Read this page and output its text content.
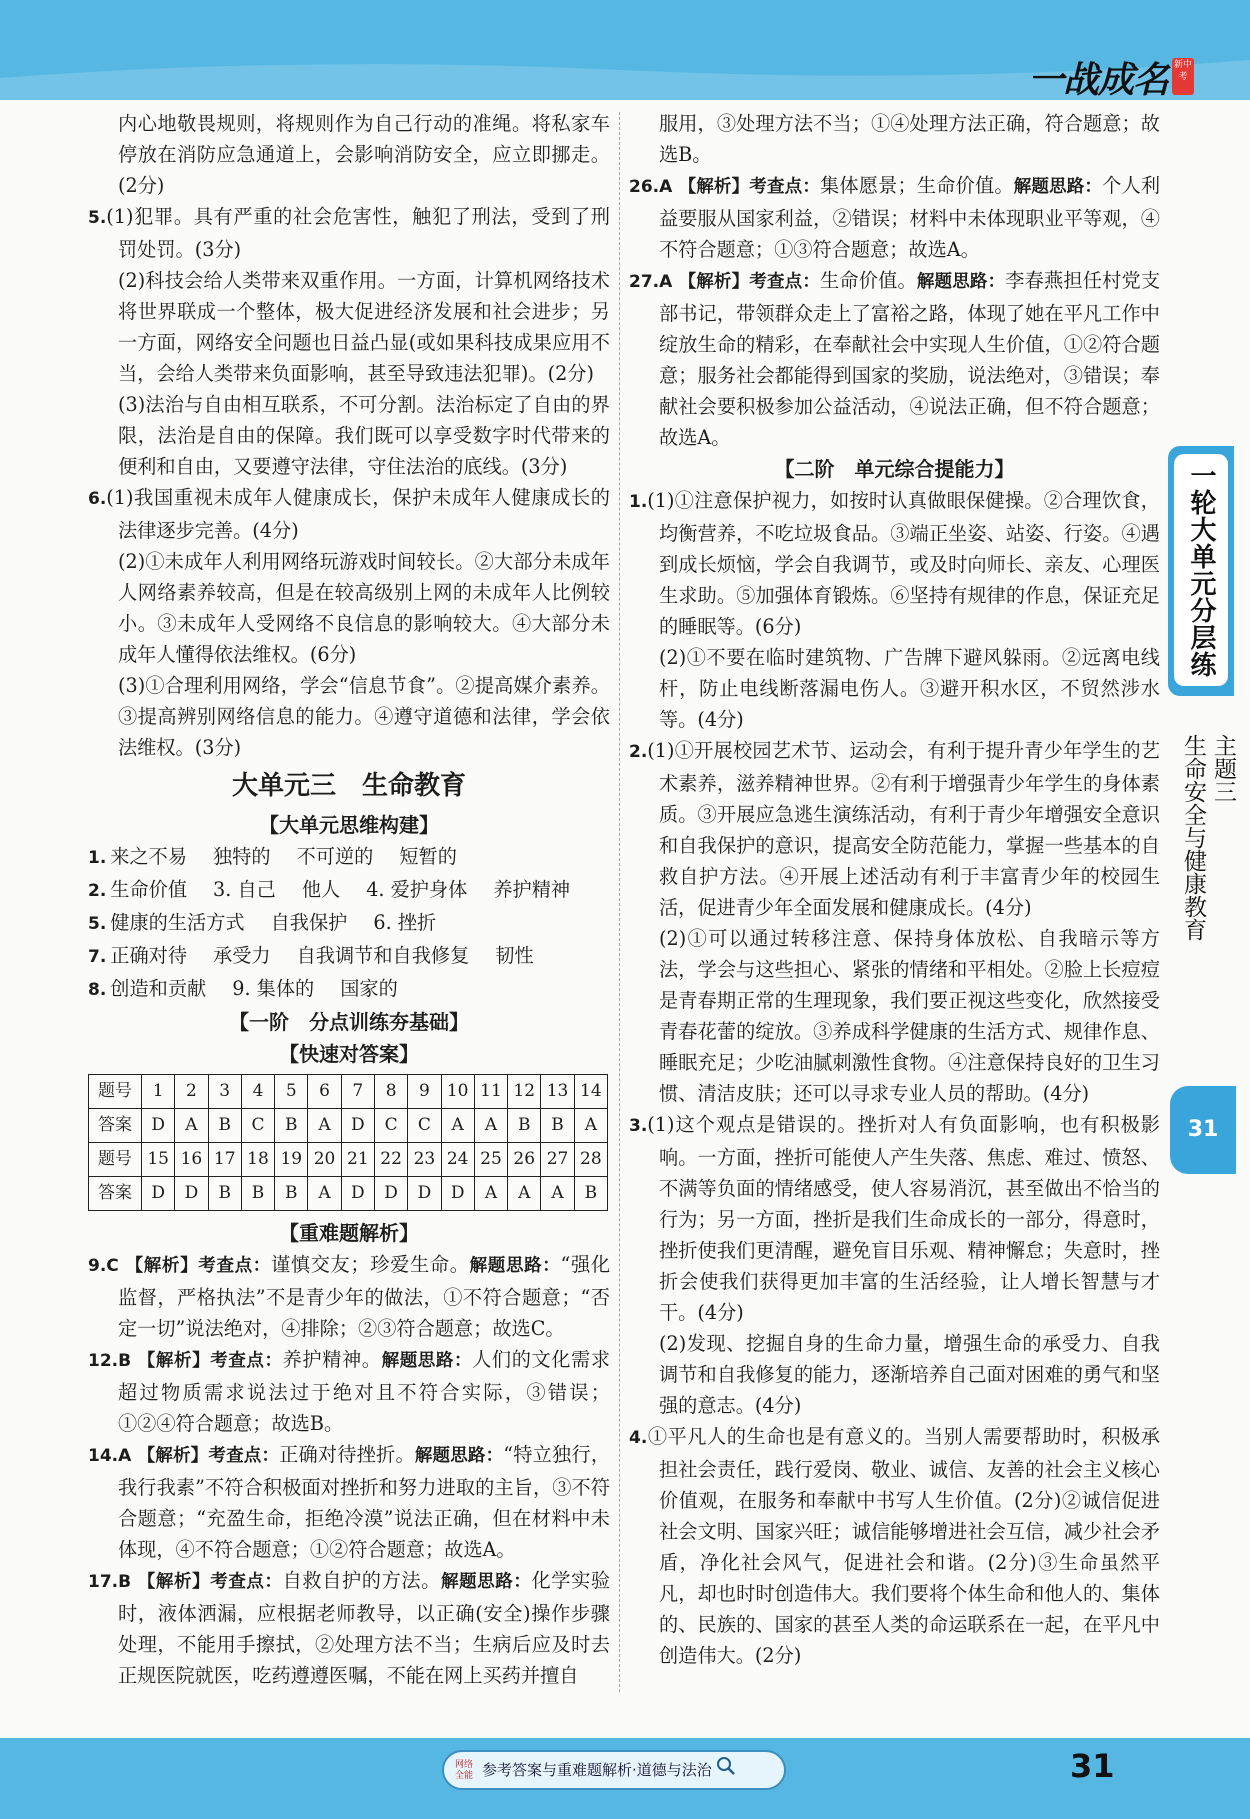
一战成名 新中考

内心地敬畏规则，将规则作为自己行动的准绳。将私家车停放在消防应急通道上，会影响消防安全，应立即挪走。(2分)

5.(1)犯罪。具有严重的社会危害性，触犯了刑法，受到了刑罚处罚。(3分)

(2)科技会给人类带来双重作用。一方面，计算机网络技术将世界联成一个整体，极大促进经济发展和社会进步；另一方面，网络安全问题也日益凸显(或如果科技成果应用不当，会给人类带来负面影响，甚至导致违法犯罪)。(2分)

(3)法治与自由相互联系，不可分割。法治标定了自由的界限，法治是自由的保障。我们既可以享受数字时代带来的便利和自由，又要遵守法律，守住法治的底线。(3分)

6.(1)我国重视未成年人健康成长，保护未成年人健康成长的法律逐步完善。(4分)

(2)①未成年人利用网络玩游戏时间较长。②大部分未成年人网络素养较高，但是在较高级别上网的未成年人比例较小。③未成年人受网络不良信息的影响较大。④大部分未成年人懂得依法维权。(6分)

(3)①合理利用网络，学会“信息节食”。②提高媒介素养。③提高辨别网络信息的能力。④遵守道德和法律，学会依法维权。(3分)

大单元三　生命教育
【大单元思维构建】
1. 来之不易 独特的 不可逆的 短暂的
2. 生命价值 3. 自己 他人 4. 爱护身体 养护精神
5. 健康的生活方式 自我保护 6. 挫折
7. 正确对待 承受力 自我调节和自我修复 韧性
8. 创造和贡献 9. 集体的 国家的
【一阶　分点训练夯基础】
【快速对答案】
题号	1	2	3	4	5	6	7	8	9	10	11	12	13	14
答案	D	A	B	C	B	A	D	C	C	A	A	B	B	A
题号	15	16	17	18	19	20	21	22	23	24	25	26	27	28
答案	D	D	B	B	B	A	D	D	D	D	A	A	A	B
【重难题解析】

9.C 【解析】考查点：谨慎交友；珍爱生命。解题思路：“强化监督，严格执法”不是青少年的做法，①不符合题意；“否定一切”说法绝对，④排除；②③符合题意；故选C。

12.B 【解析】考查点：养护精神。解题思路：人们的文化需求超过物质需求说法过于绝对且不符合实际，③错误；①②④符合题意；故选B。

14.A 【解析】考查点：正确对待挫折。解题思路：“特立独行，我行我素”不符合积极面对挫折和努力进取的主旨，③不符合题意；“充盈生命，拒绝冷漠”说法正确，但在材料中未体现，④不符合题意；①②符合题意；故选A。

17.B 【解析】考查点：自救自护的方法。解题思路：化学实验时，液体洒漏，应根据老师教导，以正确(安全)操作步骤处理，不能用手擦拭，②处理方法不当；生病后应及时去正规医院就医，吃药遵遵医嘱，不能在网上买药并擅自

服用，③处理方法不当；①④处理方法正确，符合题意；故选B。

26.A 【解析】考查点：集体愿景；生命价值。解题思路：个人利益要服从国家利益，②错误；材料中未体现职业平等观，④不符合题意；①③符合题意；故选A。

27.A 【解析】考查点：生命价值。解题思路：李春燕担任村党支部书记，带领群众走上了富裕之路，体现了她在平凡工作中绽放生命的精彩，在奉献社会中实现人生价值，①②符合题意；服务社会都能得到国家的奖励，说法绝对，③错误；奉献社会要积极参加公益活动，④说法正确，但不符合题意；故选A。

【二阶　单元综合提能力】

1.(1)①注意保护视力，如按时认真做眼保健操。②合理饮食，均衡营养，不吃垃圾食品。③端正坐姿、站姿、行姿。④遇到成长烦恼，学会自我调节，或及时向师长、亲友、心理医生求助。⑤加强体育锻炼。⑥坚持有规律的作息，保证充足的睡眠等。(6分)

(2)①不要在临时建筑物、广告牌下避风躲雨。②远离电线杆，防止电线断落漏电伤人。③避开积水区，不贸然涉水等。(4分)

2.(1)①开展校园艺术节、运动会，有利于提升青少年学生的艺术素养，滋养精神世界。②有利于增强青少年学生的身体素质。③开展应急逃生演练活动，有利于青少年增强安全意识和自我保护的意识，提高安全防范能力，掌握一些基本的自救自护方法。④开展上述活动有利于丰富青少年的校园生活，促进青少年全面发展和健康成长。(4分)

(2)①可以通过转移注意、保持身体放松、自我暗示等方法，学会与这些担心、紧张的情绪和平相处。②脸上长痘痘是青春期正常的生理现象，我们要正视这些变化，欣然接受青春花蕾的绽放。③养成科学健康的生活方式、规律作息、睡眠充足；少吃油腻刺激性食物。④注意保持良好的卫生习惯、清洁皮肤；还可以寻求专业人员的帮助。(4分)

3.(1)这个观点是错误的。挫折对人有负面影响，也有积极影响。一方面，挫折可能使人产生失落、焦虑、难过、愤怒、不满等负面的情绪感受，使人容易消沉，甚至做出不恰当的行为；另一方面，挫折是我们生命成长的一部分，得意时，挫折使我们更清醒，避免盲目乐观、精神懈怠；失意时，挫折会使我们获得更加丰富的生活经验，让人增长智慧与才干。(4分)

(2)发现、挖掘自身的生命力量，增强生命的承受力、自我调节和自我修复的能力，逐渐培养自己面对困难的勇气和坚强的意志。(4分)

4.①平凡人的生命也是有意义的。当别人需要帮助时，积极承担社会责任，践行爱岗、敬业、诚信、友善的社会主义核心价值观，在服务和奉献中书写人生价值。(2分)②诚信促进社会文明、国家兴旺；诚信能够增进社会互信，减少社会矛盾，净化社会风气，促进社会和谐。(2分)③生命虽然平凡，却也时时创造伟大。我们要将个体生命和他人的、集体的、民族的、国家的甚至人类的命运联系在一起，在平凡中创造伟大。(2分)

一轮大单元分层练
主题三
生命安全与健康教育
31
网络 全能 参考答案与重难题解析·道德与法治	31
